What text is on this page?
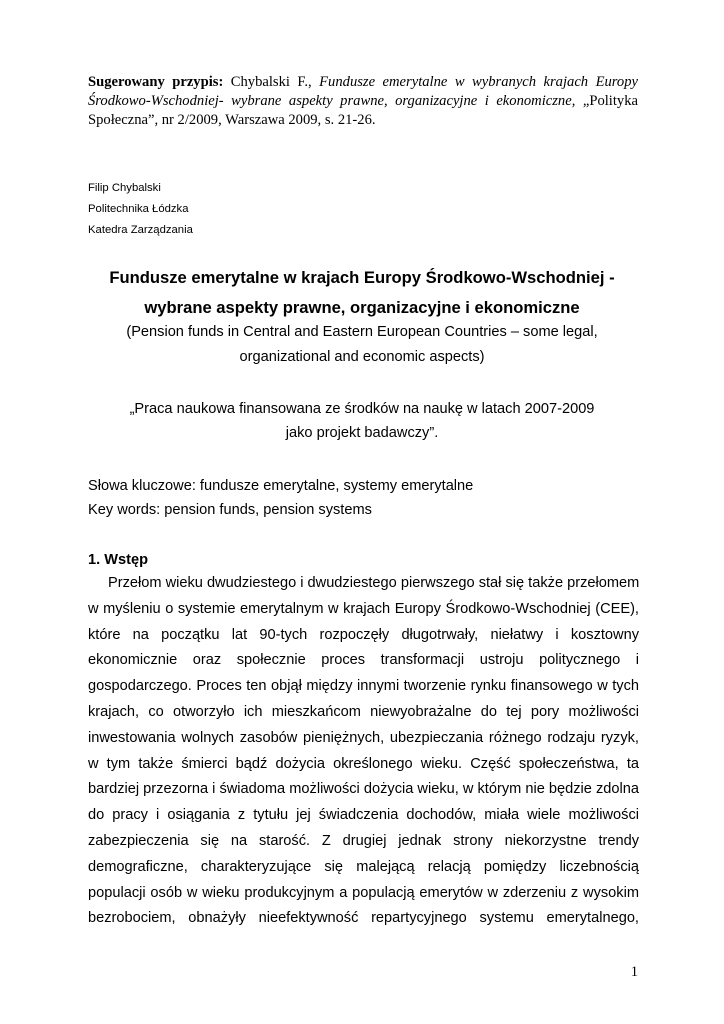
Sugerowany przypis: Chybalski F., Fundusze emerytalne w wybranych krajach Europy Środkowo-Wschodniej- wybrane aspekty prawne, organizacyjne i ekonomiczne, „Polityka Społeczna”, nr 2/2009, Warszawa 2009, s. 21-26.
Filip Chybalski
Politechnika Łódzka
Katedra Zarządzania
Fundusze emerytalne w krajach Europy Środkowo-Wschodniej -
wybrane aspekty prawne, organizacyjne i ekonomiczne
(Pension funds in Central and Eastern European Countries – some legal,
organizational and economic aspects)
„Praca naukowa finansowana ze środków na naukę w latach 2007-2009
jako projekt badawczy”.
Słowa kluczowe: fundusze emerytalne, systemy emerytalne
Key words: pension funds, pension systems
1. Wstęp
Przełom wieku dwudziestego i dwudziestego pierwszego stał się także przełomem
w myśleniu o systemie emerytalnym w krajach Europy Środkowo-Wschodniej (CEE),
które na początku lat 90-tych rozpoczęły długotrwały, niełatwy i kosztowny
ekonomicznie oraz społecznie proces transformacji ustroju politycznego i
gospodarczego. Proces ten objął między innymi tworzenie rynku finansowego w tych
krajach, co otworzyło ich mieszkańcom niewyobrażalne do tej pory możliwości
inwestowania wolnych zasobów pieniężnych, ubezpieczania różnego rodzaju ryzyk,
w tym także śmierci bądź dożycia określonego wieku. Część społeczeństwa, ta
bardziej przezorna i świadoma możliwości dożycia wieku, w którym nie będzie zdolna
do pracy i osiągania z tytułu jej świadczenia dochodów, miała wiele możliwości
zabezpieczenia się na starość. Z drugiej jednak strony niekorzystne trendy
demograficzne, charakteryzujące się malejącą relacją pomiędzy liczebnością
populacji osób w wieku produkcyjnym a populacją emerytów w zderzeniu z wysokim
bezrobociem, obnażyły nieefektywność repartycyjnego systemu emerytalnego,
1
